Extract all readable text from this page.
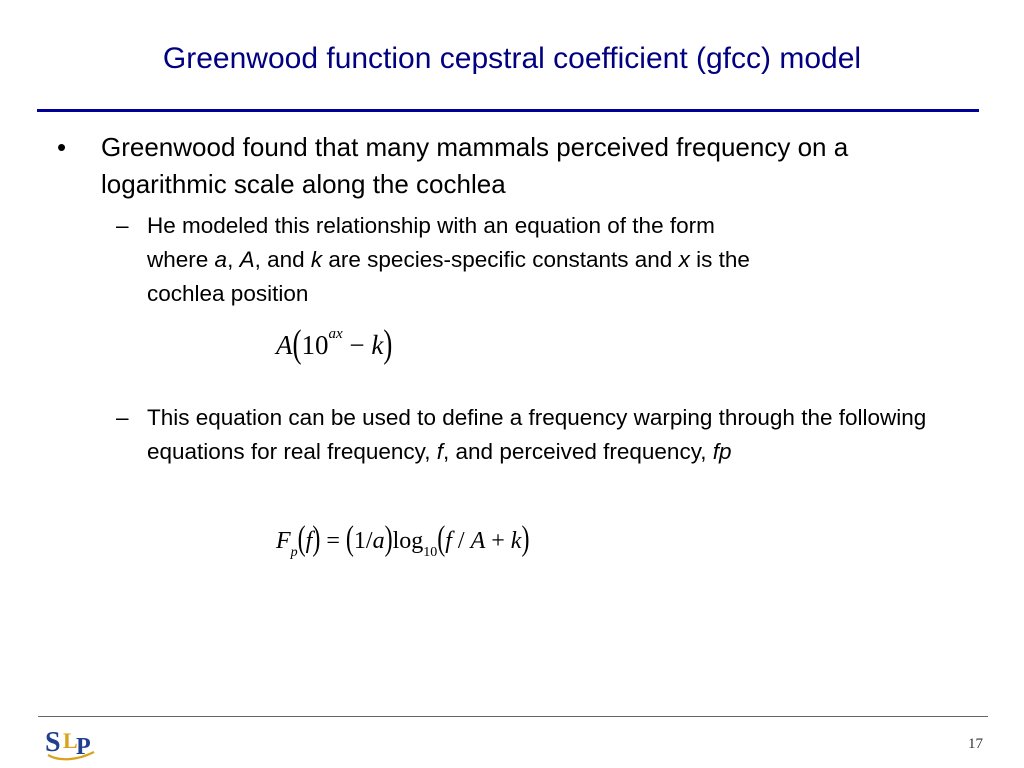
Greenwood function cepstral coefficient (gfcc) model
• Greenwood found that many mammals perceived frequency on a logarithmic scale along the cochlea
– He modeled this relationship with an equation of the form
where a, A, and k are species-specific constants and x is the
cochlea position
$A(10^{ax} - k)$
– This equation can be used to define a frequency warping through the following equations for real frequency, f, and perceived frequency, fp
$F_p(f) = (1/a)\log_{10}(f / A + k)$
S L
P	17
